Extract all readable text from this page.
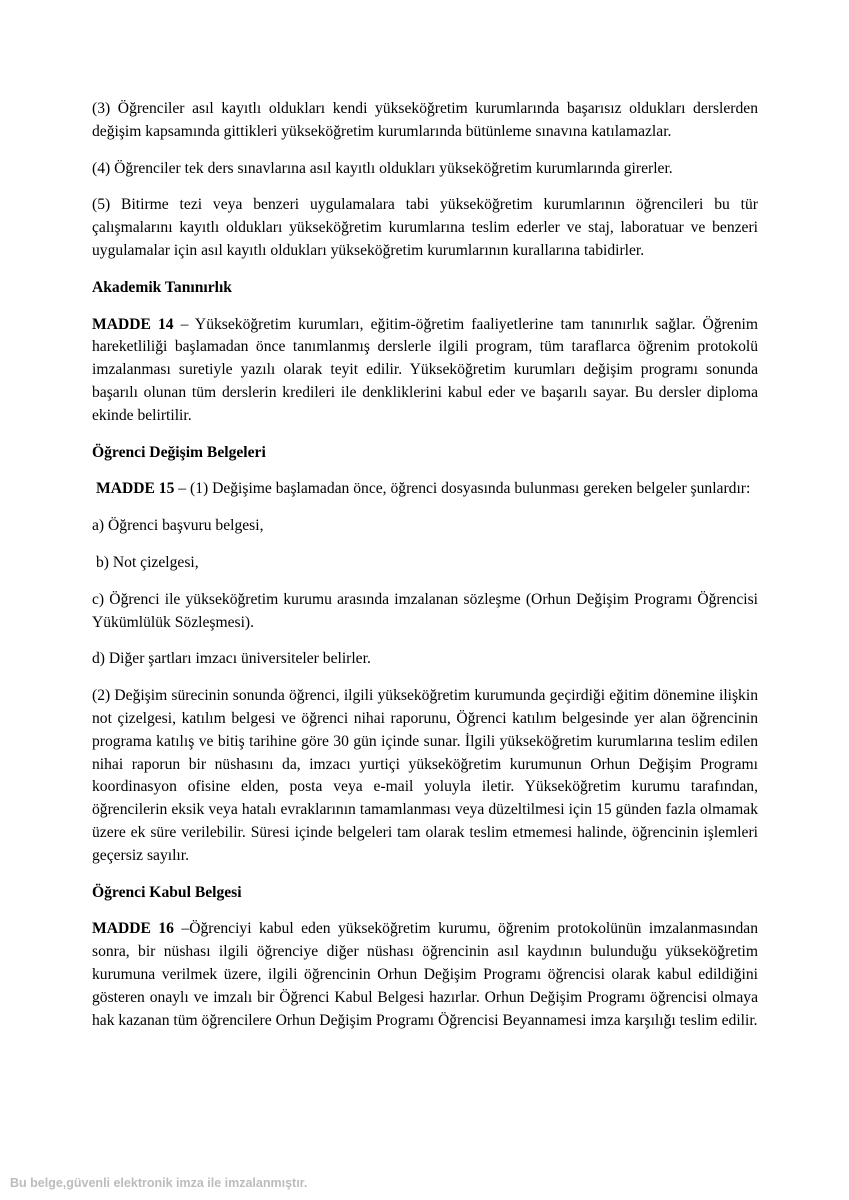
(3) Öğrenciler asıl kayıtlı oldukları kendi yükseköğretim kurumlarında başarısız oldukları derslerden değişim kapsamında gittikleri yükseköğretim kurumlarında bütünleme sınavına katılamazlar.

(4) Öğrenciler tek ders sınavlarına asıl kayıtlı oldukları yükseköğretim kurumlarında girerler.

(5) Bitirme tezi veya benzeri uygulamalara tabi yükseköğretim kurumlarının öğrencileri bu tür çalışmalarını kayıtlı oldukları yükseköğretim kurumlarına teslim ederler ve staj, laboratuar ve benzeri uygulamalar için asıl kayıtlı oldukları yükseköğretim kurumlarının kurallarına tabidirler.

Akademik Tanınırlık

MADDE 14 – Yükseköğretim kurumları, eğitim-öğretim faaliyetlerine tam tanınırlık sağlar. Öğrenim hareketliliği başlamadan önce tanımlanmış derslerle ilgili program, tüm taraflarca öğrenim protokolü imzalanması suretiyle yazılı olarak teyit edilir. Yükseköğretim kurumları değişim programı sonunda başarılı olunan tüm derslerin kredileri ile denkliklerini kabul eder ve başarılı sayar. Bu dersler diploma ekinde belirtilir.

Öğrenci Değişim Belgeleri

MADDE 15 – (1) Değişime başlamadan önce, öğrenci dosyasında bulunması gereken belgeler şunlardır:

a) Öğrenci başvuru belgesi,

b) Not çizelgesi,

c) Öğrenci ile yükseköğretim kurumu arasında imzalanan sözleşme (Orhun Değişim Programı Öğrencisi Yükümlülük Sözleşmesi).

d) Diğer şartları imzacı üniversiteler belirler.

(2) Değişim sürecinin sonunda öğrenci, ilgili yükseköğretim kurumunda geçirdiği eğitim dönemine ilişkin not çizelgesi, katılım belgesi ve öğrenci nihai raporunu, Öğrenci katılım belgesinde yer alan öğrencinin programa katılış ve bitiş tarihine göre 30 gün içinde sunar. İlgili yükseköğretim kurumlarına teslim edilen nihai raporun bir nüshasını da, imzacı yurtiçi yükseköğretim kurumunun Orhun Değişim Programı koordinasyon ofisine elden, posta veya e-mail yoluyla iletir. Yükseköğretim kurumu tarafından, öğrencilerin eksik veya hatalı evraklarının tamamlanması veya düzeltilmesi için 15 günden fazla olmamak üzere ek süre verilebilir. Süresi içinde belgeleri tam olarak teslim etmemesi halinde, öğrencinin işlemleri geçersiz sayılır.

Öğrenci Kabul Belgesi

MADDE 16 –Öğrenciyi kabul eden yükseköğretim kurumu, öğrenim protokolünün imzalanmasından sonra, bir nüshası ilgili öğrenciye diğer nüshası öğrencinin asıl kaydının bulunduğu yükseköğretim kurumuna verilmek üzere, ilgili öğrencinin Orhun Değişim Programı öğrencisi olarak kabul edildiğini gösteren onaylı ve imzalı bir Öğrenci Kabul Belgesi hazırlar. Orhun Değişim Programı öğrencisi olmaya hak kazanan tüm öğrencilere Orhun Değişim Programı Öğrencisi Beyannamesi imza karşılığı teslim edilir.

Bu belge,güvenli elektronik imza ile imzalanmıştır.
